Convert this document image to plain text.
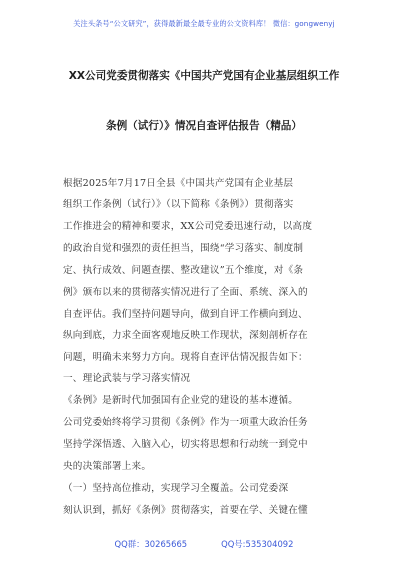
关注头条号“公文研究”，获得最新最全最专业的公文资料库！ 微信：gongwenyj
XX公司党委贯彻落实《中国共产党国有企业基层组织工作
条例（试行）》情况自查评估报告（精品）
根据2025年7月17日全县《中国共产党国有企业基层
组织工作条例（试行）》（以下简称《条例》）贯彻落实
工作推进会的精神和要求，XX公司党委迅速行动，以高度
的政治自觉和强烈的责任担当，围绕“学习落实、制度制
定、执行成效、问题查摆、整改建议”五个维度，对《条
例》颁布以来的贯彻落实情况进行了全面、系统、深入的
自查评估。我们坚持问题导向，做到自评工作横向到边、
纵向到底，力求全面客观地反映工作现状，深刻剖析存在
问题，明确未来努力方向。现将自查评估情况报告如下：
一、理论武装与学习落实情况
《条例》是新时代加强国有企业党的建设的基本遵循。
公司党委始终将学习贯彻《条例》作为一项重大政治任务
坚持学深悟透、入脑入心，切实将思想和行动统一到党中
央的决策部署上来。
（一）坚持高位推动，实现学习全覆盖。公司党委深
刻认识到，抓好《条例》贯彻落实，首要在学、关键在懂
QQ群：30265665	QQ号:535304092
